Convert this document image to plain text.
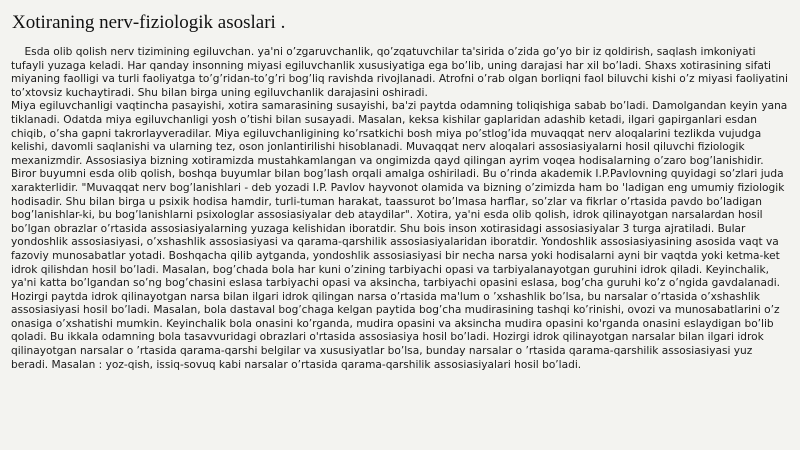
Xotiraning nerv-fiziologik asoslari .

Esda olib qolish nerv tizimining egiluvchan. ya'ni o’zgaruvchanlik, qo’zqatuvchilar ta'sirida o’zida go’yo bir iz qoldirish, saqlash imkoniyati tufayli yuzaga keladi. Har qanday insonning miyasi egiluvchanlik xususiyatiga ega bo’lib, uning darajasi har xil bo’ladi. Shaxs xotirasining sifati miyaning faolligi va turli faoliyatga to’g’ridan-to’g’ri bog’liq ravishda rivojlanadi. Atrofni o’rab olgan borliqni faol biluvchi kishi o’z miyasi faoliyatini to’xtovsiz kuchaytiradi. Shu bilan birga uning egiluvchanlik darajasini oshiradi.

Miya egiluvchanligi vaqtincha pasayishi, xotira samarasining susayishi, ba'zi paytda odamning toliqishiga sabab bo’ladi. Damolgandan keyin yana tiklanadi. Odatda miya egiluvchanligi yosh o’tishi bilan susayadi. Masalan, keksa kishilar gaplaridan adashib ketadi, ilgari gapirganlari esdan chiqib, o’sha gapni takrorlayveradilar. Miya egiluvchanligining ko’rsatkichi bosh miya po’stlog’ida muvaqqat nerv aloqalarini tezlikda vujudga kelishi, davomli saqlanishi va ularning tez, oson jonlantirilishi hisoblanadi. Muvaqqat nerv aloqalari assosiasiyalarni hosil qiluvchi fiziologik mexanizmdir. Assosiasiya bizning xotiramizda mustahkamlangan va ongimizda qayd qilingan ayrim voqea hodisalarning o’zaro bog’lanishidir. Biror buyumni esda olib qolish, boshqa buyumlar bilan bog’lash orqali amalga oshiriladi. Bu o’rinda akademik I.P.Pavlovning quyidagi so’zlari juda xarakterlidir. "Muvaqqat nerv bog’lanishlari - deb yozadi I.P. Pavlov hayvonot olamida va bizning o’zimizda ham bo 'ladigan eng umumiy fiziologik hodisadir. Shu bilan birga u psixik hodisa hamdir, turli-tuman harakat, taassurot bo’lmasa harflar, so’zlar va fikrlar o’rtasida pavdo bo’ladigan bog’lanishlar-ki, bu bog’lanishlarni psixologlar assosiasiyalar deb ataydilar". Xotira, ya'ni esda olib qolish, idrok qilinayotgan narsalardan hosil bo’lgan obrazlar o’rtasida assosiasiyalarning yuzaga kelishidan iboratdir. Shu bois inson xotirasidagi assosiasiyalar 3 turga ajratiladi. Bular yondoshlik assosiasiyasi, o’xshashlik assosiasiyasi va qarama-qarshilik assosiasiyalaridan iboratdir. Yondoshlik assosiasiyasining asosida vaqt va fazoviy munosabatlar yotadi. Boshqacha qilib aytganda, yondoshlik assosiasiyasi bir necha narsa yoki hodisalarni ayni bir vaqtda yoki ketma-ket idrok qilishdan hosil bo’ladi. Masalan, bog’chada bola har kuni o’zining tarbiyachi opasi va tarbiyalanayotgan guruhini idrok qiladi. Keyinchalik, ya'ni katta bo’lgandan so’ng bog’chasini eslasa tarbiyachi opasi va aksincha, tarbiyachi opasini eslasa, bog’cha guruhi ko’z o’ngida gavdalanadi. Hozirgi paytda idrok qilinayotgan narsa bilan ilgari idrok qilingan narsa o’rtasida ma'lum o ’xshashlik bo’lsa, bu narsalar o’rtasida o’xshashlik assosiasiyasi hosil bo’ladi. Masalan, bola dastaval bog’chaga kelgan paytida bog’cha mudirasining tashqi ko’rinishi, ovozi va munosabatlarini o’z onasiga o’xshatishi mumkin. Keyinchalik bola onasini ko’rganda, mudira opasini va aksincha mudira opasini ko'rganda onasini eslaydigan bo’lib qoladi. Bu ikkala odamning bola tasavvuridagi obrazlari o'rtasida assosiasiya hosil bo’ladi. Hozirgi idrok qilinayotgan narsalar bilan ilgari idrok qilinayotgan narsalar o ’rtasida qarama-qarshi belgilar va xususiyatlar bo’lsa, bunday narsalar o ’rtasida qarama-qarshilik assosiasiyasi yuz beradi. Masalan : yoz-qish, issiq-sovuq kabi narsalar o’rtasida qarama-qarshilik assosiasiyalari hosil bo’ladi.
